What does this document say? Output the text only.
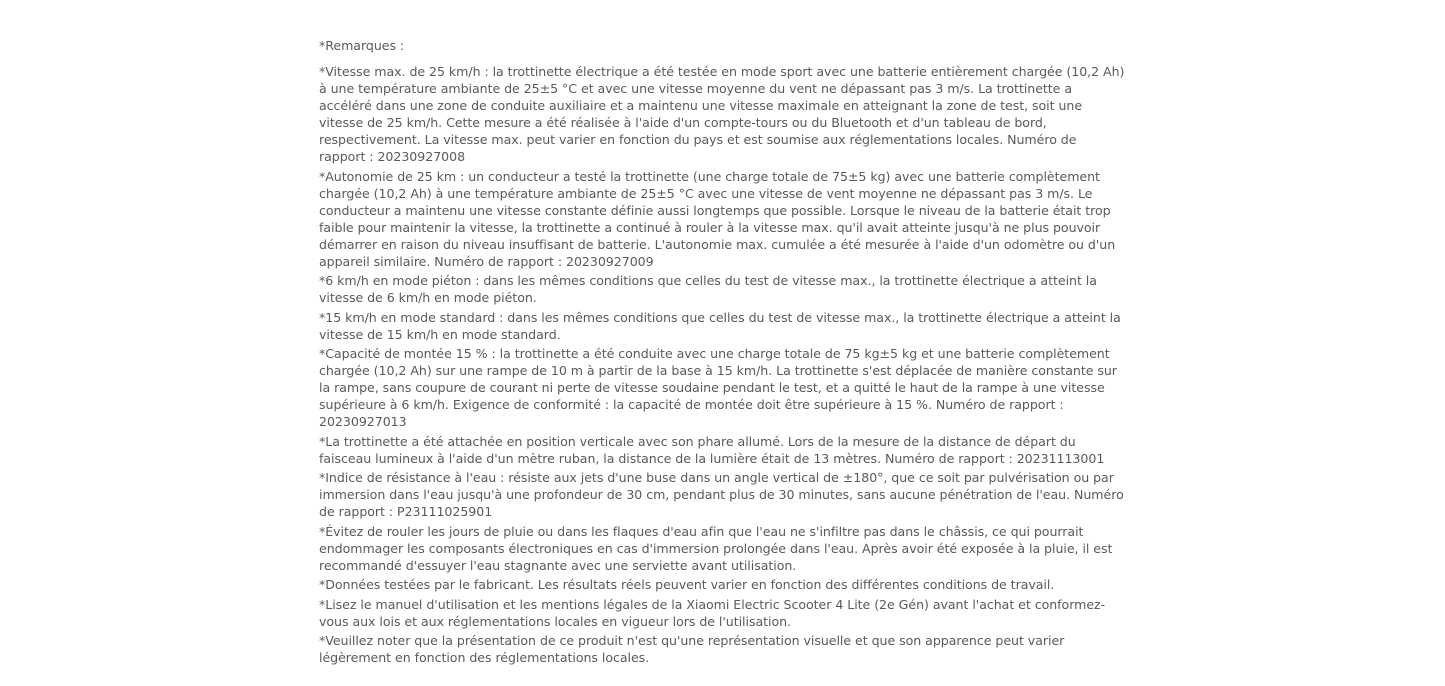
*Remarques :
*Vitesse max. de 25 km/h : la trottinette électrique a été testée en mode sport avec une batterie entièrement chargée (10,2 Ah) à une température ambiante de 25±5 °C et avec une vitesse moyenne du vent ne dépassant pas 3 m/s. La trottinette a accéléré dans une zone de conduite auxiliaire et a maintenu une vitesse maximale en atteignant la zone de test, soit une vitesse de 25 km/h. Cette mesure a été réalisée à l'aide d'un compte-tours ou du Bluetooth et d'un tableau de bord, respectivement. La vitesse max. peut varier en fonction du pays et est soumise aux réglementations locales. Numéro de rapport : 20230927008
*Autonomie de 25 km : un conducteur a testé la trottinette (une charge totale de 75±5 kg) avec une batterie complètement chargée (10,2 Ah) à une température ambiante de 25±5 °C avec une vitesse de vent moyenne ne dépassant pas 3 m/s. Le conducteur a maintenu une vitesse constante définie aussi longtemps que possible. Lorsque le niveau de la batterie était trop faible pour maintenir la vitesse, la trottinette a continué à rouler à la vitesse max. qu'il avait atteinte jusqu'à ne plus pouvoir démarrer en raison du niveau insuffisant de batterie. L'autonomie max. cumulée a été mesurée à l'aide d'un odomètre ou d'un appareil similaire. Numéro de rapport : 20230927009
*6 km/h en mode piéton : dans les mêmes conditions que celles du test de vitesse max., la trottinette électrique a atteint la vitesse de 6 km/h en mode piéton.
*15 km/h en mode standard : dans les mêmes conditions que celles du test de vitesse max., la trottinette électrique a atteint la vitesse de 15 km/h en mode standard.
*Capacité de montée 15 % : la trottinette a été conduite avec une charge totale de 75 kg±5 kg et une batterie complètement chargée (10,2 Ah) sur une rampe de 10 m à partir de la base à 15 km/h. La trottinette s'est déplacée de manière constante sur la rampe, sans coupure de courant ni perte de vitesse soudaine pendant le test, et a quitté le haut de la rampe à une vitesse supérieure à 6 km/h. Exigence de conformité : la capacité de montée doit être supérieure à 15 %. Numéro de rapport : 20230927013
*La trottinette a été attachée en position verticale avec son phare allumé. Lors de la mesure de la distance de départ du faisceau lumineux à l'aide d'un mètre ruban, la distance de la lumière était de 13 mètres. Numéro de rapport : 20231113001
*Indice de résistance à l'eau : résiste aux jets d'une buse dans un angle vertical de ±180°, que ce soit par pulvérisation ou par immersion dans l'eau jusqu'à une profondeur de 30 cm, pendant plus de 30 minutes, sans aucune pénétration de l'eau. Numéro de rapport : P23111025901
*Évitez de rouler les jours de pluie ou dans les flaques d'eau afin que l'eau ne s'infiltre pas dans le châssis, ce qui pourrait endommager les composants électroniques en cas d'immersion prolongée dans l'eau. Après avoir été exposée à la pluie, il est recommandé d'essuyer l'eau stagnante avec une serviette avant utilisation.
*Données testées par le fabricant. Les résultats réels peuvent varier en fonction des différentes conditions de travail.
*Lisez le manuel d'utilisation et les mentions légales de la Xiaomi Electric Scooter 4 Lite (2e Gén) avant l'achat et conformez-vous aux lois et aux réglementations locales en vigueur lors de l'utilisation.
*Veuillez noter que la présentation de ce produit n'est qu'une représentation visuelle et que son apparence peut varier légèrement en fonction des réglementations locales.
